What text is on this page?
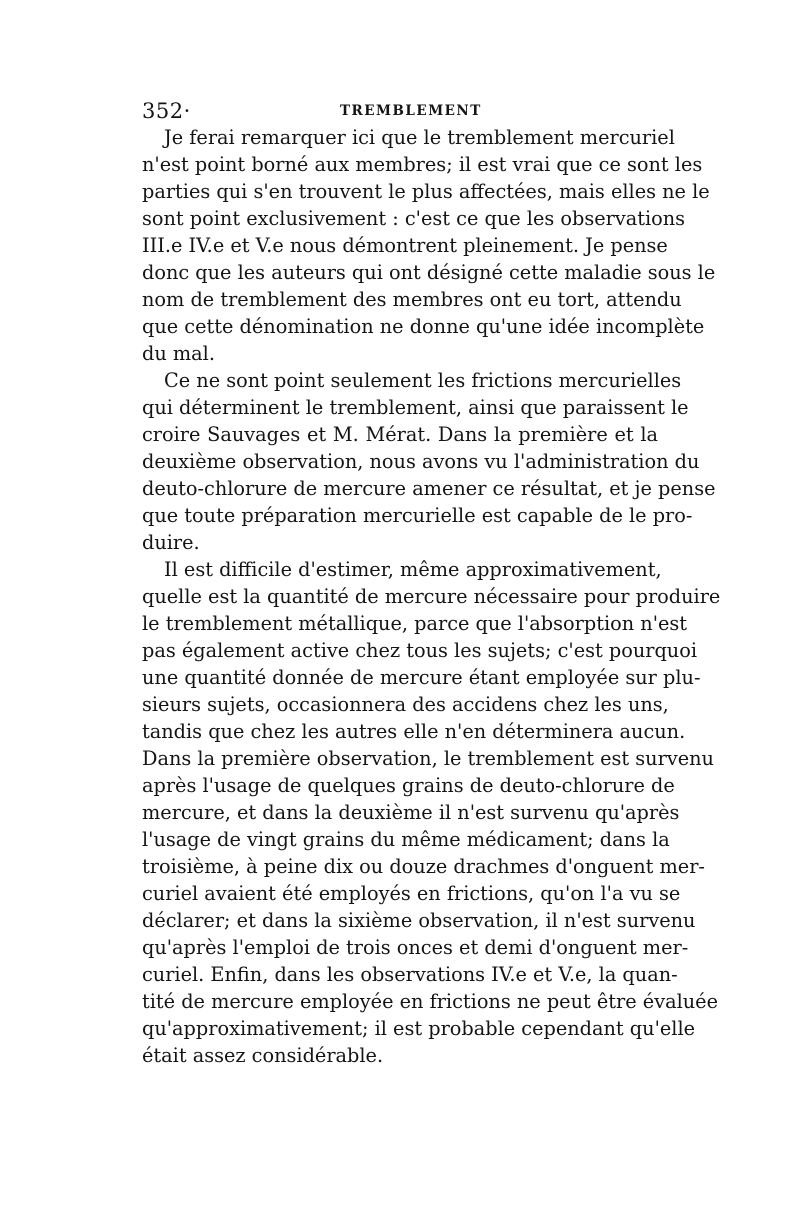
352·	TREMBLEMENT
Je ferai remarquer ici que le tremblement mercuriel
n'est point borné aux membres; il est vrai que ce sont les
parties qui s'en trouvent le plus affectées, mais elles ne le
sont point exclusivement : c'est ce que les observations
III.e IV.e et V.e nous démontrent pleinement. Je pense
donc que les auteurs qui ont désigné cette maladie sous le
nom de tremblement des membres ont eu tort, attendu
que cette dénomination ne donne qu'une idée incomplète
du mal.
Ce ne sont point seulement les frictions mercurielles
qui déterminent le tremblement, ainsi que paraissent le
croire Sauvages et M. Mérat. Dans la première et la
deuxième observation, nous avons vu l'administration du
deuto-chlorure de mercure amener ce résultat, et je pense
que toute préparation mercurielle est capable de le pro-
duire.
Il est difficile d'estimer, même approximativement,
quelle est la quantité de mercure nécessaire pour produire
le tremblement métallique, parce que l'absorption n'est
pas également active chez tous les sujets; c'est pourquoi
une quantité donnée de mercure étant employée sur plu-
sieurs sujets, occasionnera des accidens chez les uns,
tandis que chez les autres elle n'en déterminera aucun.
Dans la première observation, le tremblement est survenu
après l'usage de quelques grains de deuto-chlorure de
mercure, et dans la deuxième il n'est survenu qu'après
l'usage de vingt grains du même médicament; dans la
troisième, à peine dix ou douze drachmes d'onguent mer-
curiel avaient été employés en frictions, qu'on l'a vu se
déclarer; et dans la sixième observation, il n'est survenu
qu'après l'emploi de trois onces et demi d'onguent mer-
curiel. Enfin, dans les observations IV.e et V.e, la quan-
tité de mercure employée en frictions ne peut être évaluée
qu'approximativement; il est probable cependant qu'elle
était assez considérable.
